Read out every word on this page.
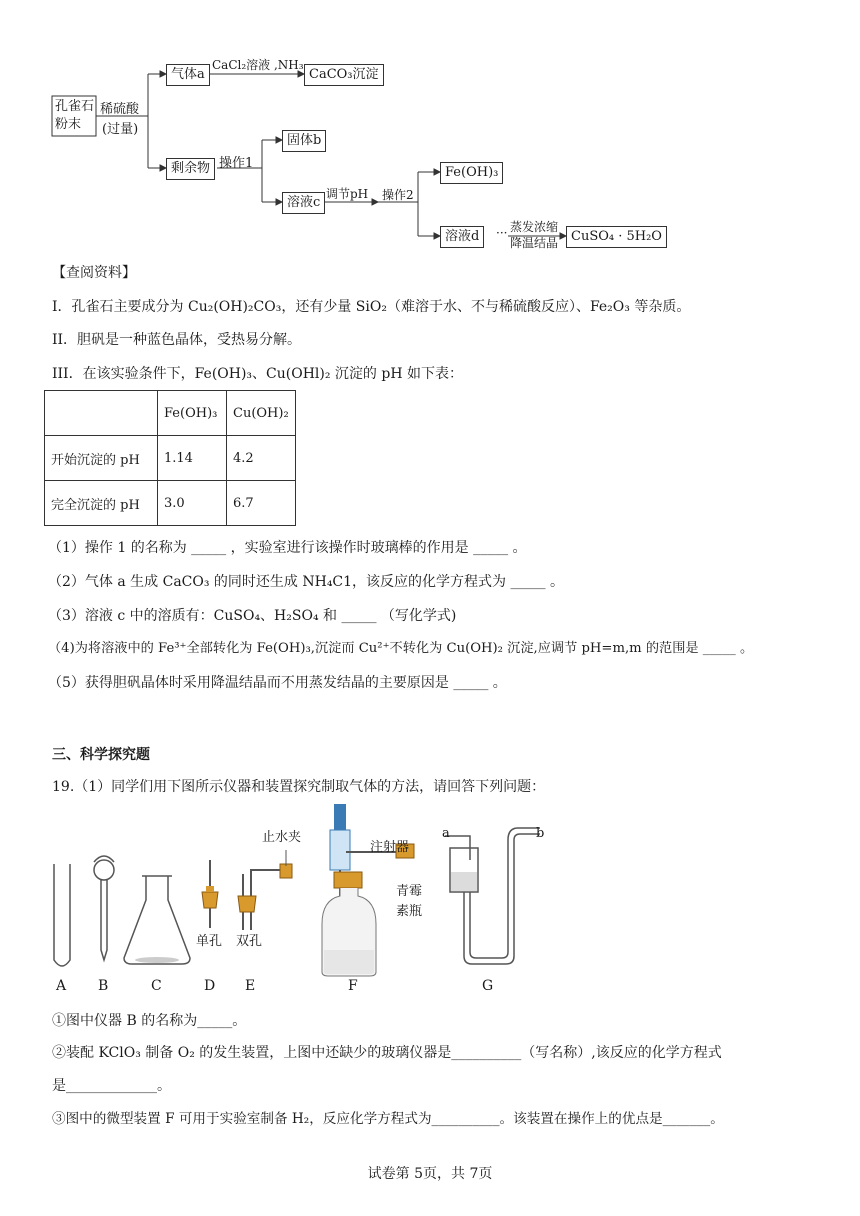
孔雀石
粉末
稀硫酸
(过量)
气体a
CaCl₂溶液 ,NH₃
CaCO₃沉淀
剩余物 操作1
固体b
溶液c
调节pH 操作2
Fe(OH)₃
溶液d	··· 蒸发浓缩
降温结晶 CuSO₄ · 5H₂O
【查阅资料】
I．孔雀石主要成分为 Cu₂(OH)₂CO₃，还有少量 SiO₂（难溶于水、不与稀硫酸反应）、Fe₂O₃ 等杂质。
II．胆矾是一种蓝色晶体，受热易分解。
III．在该实验条件下，Fe(OH)₃、Cu(OHl)₂ 沉淀的 pH 如下表：
	Fe(OH)₃	Cu(OH)₂
开始沉淀的 pH	1.14	4.2
完全沉淀的 pH	3.0	6.7
（1）操作 1 的名称为 _____ ，实验室进行该操作时玻璃棒的作用是 _____ 。
（2）气体 a 生成 CaCO₃ 的同时还生成 NH₄C1，该反应的化学方程式为 _____ 。
（3）溶液 c 中的溶质有：CuSO₄、H₂SO₄ 和 _____ （写化学式)
（4)为将溶液中的 Fe³⁺全部转化为 Fe(OH)₃,沉淀而 Cu²⁺不转化为 Cu(OH)₂ 沉淀,应调节 pH=m,m 的范围是 _____ 。
（5）获得胆矾晶体时采用降温结晶而不用蒸发结晶的主要原因是 _____ 。
三、科学探究题
19.（1）同学们用下图所示仪器和装置探究制取气体的方法，请回答下列问题：
止水夹
注射器
青霉
素瓶
单孔 双孔
a	b
A B	C	D E	F	G
①图中仪器 B 的名称为_____。
②装配 KClO₃ 制备 O₂ 的发生装置，上图中还缺少的玻璃仪器是__________（写名称）,该反应的化学方程式
是_____________。
③图中的微型装置 F 可用于实验室制备 H₂，反应化学方程式为__________。该装置在操作上的优点是_______。
试卷第 5页，共 7页
